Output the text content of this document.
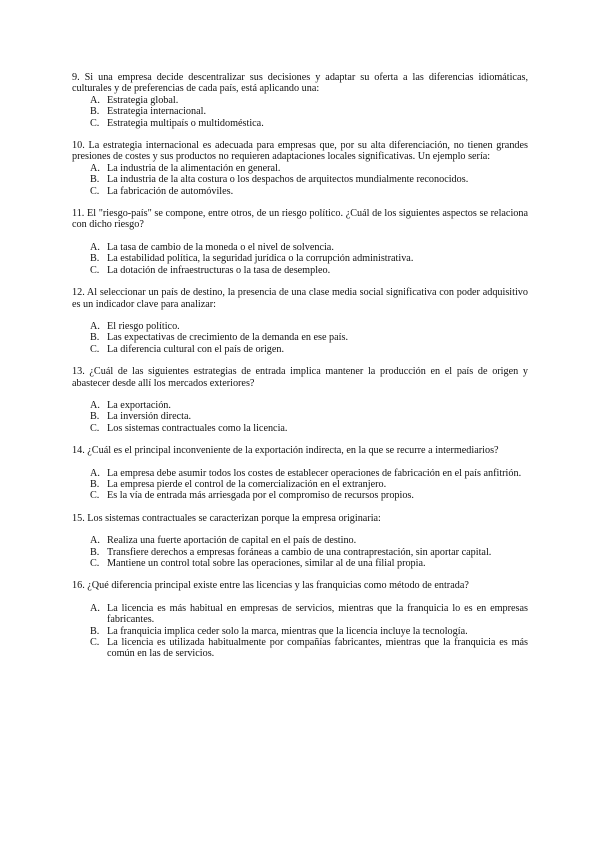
9. Si una empresa decide descentralizar sus decisiones y adaptar su oferta a las diferencias idiomáticas, culturales y de preferencias de cada país, está aplicando una:

A. Estrategia global.
B. Estrategia internacional.
C. Estrategia multipaís o multidoméstica.

10. La estrategia internacional es adecuada para empresas que, por su alta diferenciación, no tienen grandes presiones de costes y sus productos no requieren adaptaciones locales significativas. Un ejemplo sería:

A. La industria de la alimentación en general.
B. La industria de la alta costura o los despachos de arquitectos mundialmente reconocidos.
C. La fabricación de automóviles.

11. El "riesgo-país" se compone, entre otros, de un riesgo político. ¿Cuál de los siguientes aspectos se relaciona con dicho riesgo?

A. La tasa de cambio de la moneda o el nivel de solvencia.
B. La estabilidad política, la seguridad jurídica o la corrupción administrativa.
C. La dotación de infraestructuras o la tasa de desempleo.

12. Al seleccionar un país de destino, la presencia de una clase media social significativa con poder adquisitivo es un indicador clave para analizar:

A. El riesgo político.
B. Las expectativas de crecimiento de la demanda en ese país.
C. La diferencia cultural con el país de origen.

13. ¿Cuál de las siguientes estrategias de entrada implica mantener la producción en el país de origen y abastecer desde allí los mercados exteriores?

A. La exportación.
B. La inversión directa.
C. Los sistemas contractuales como la licencia.

14. ¿Cuál es el principal inconveniente de la exportación indirecta, en la que se recurre a intermediarios?

A. La empresa debe asumir todos los costes de establecer operaciones de fabricación en el país anfitrión.
B. La empresa pierde el control de la comercialización en el extranjero.
C. Es la vía de entrada más arriesgada por el compromiso de recursos propios.

15. Los sistemas contractuales se caracterizan porque la empresa originaria:

A. Realiza una fuerte aportación de capital en el país de destino.
B. Transfiere derechos a empresas foráneas a cambio de una contraprestación, sin aportar capital.
C. Mantiene un control total sobre las operaciones, similar al de una filial propia.

16. ¿Qué diferencia principal existe entre las licencias y las franquicias como método de entrada?

A. La licencia es más habitual en empresas de servicios, mientras que la franquicia lo es en empresas fabricantes.
B. La franquicia implica ceder solo la marca, mientras que la licencia incluye la tecnología.
C. La licencia es utilizada habitualmente por compañías fabricantes, mientras que la franquicia es más común en las de servicios.
